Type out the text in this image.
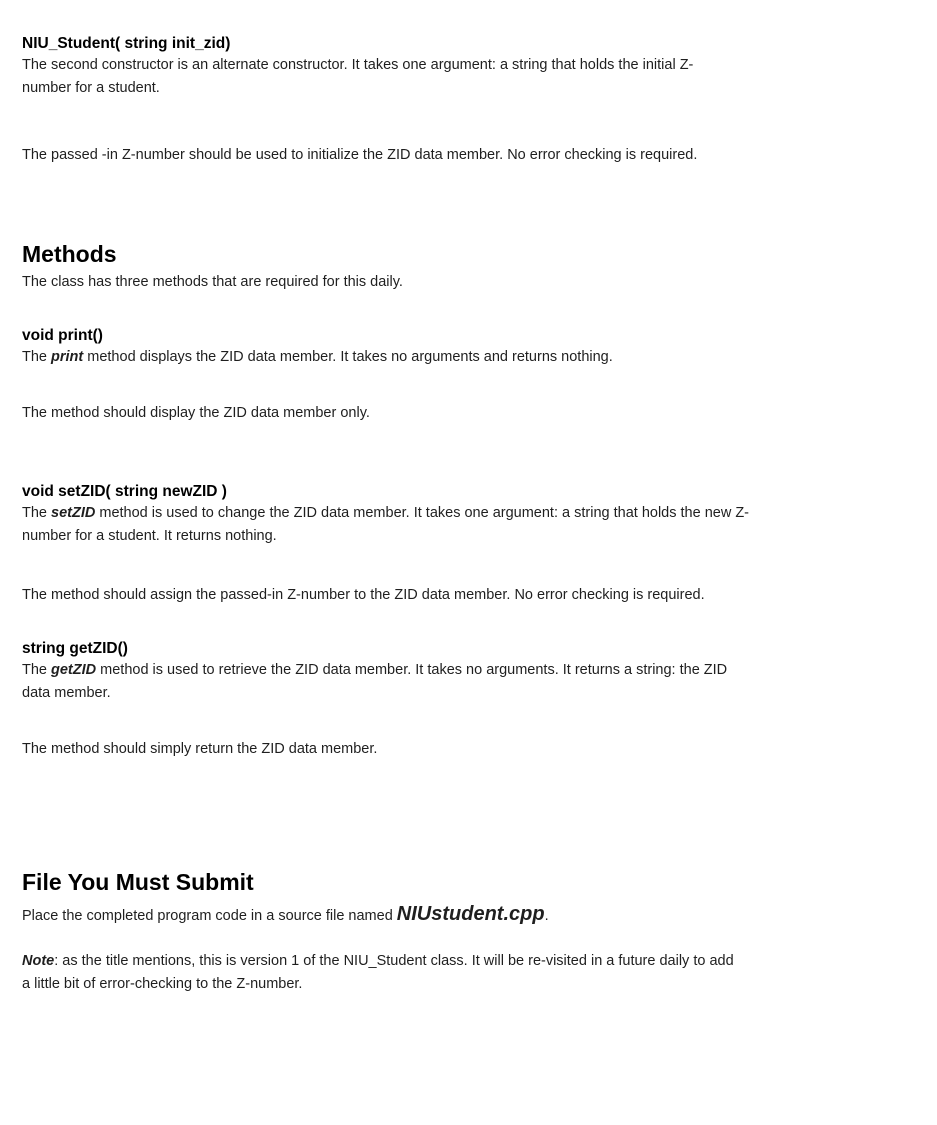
NIU_Student( string init_zid)
The second constructor is an alternate constructor. It takes one argument: a string that holds the initial Z-
number for a student.
The passed -in Z-number should be used to initialize the ZID data member. No error checking is required.
Methods
The class has three methods that are required for this daily.
void print()
The print method displays the ZID data member. It takes no arguments and returns nothing.
The method should display the ZID data member only.
void setZID( string newZID )
The setZID method is used to change the ZID data member. It takes one argument: a string that holds the new Z-
number for a student. It returns nothing.
The method should assign the passed-in Z-number to the ZID data member. No error checking is required.
string getZID()
The getZID method is used to retrieve the ZID data member. It takes no arguments. It returns a string: the ZID
data member.
The method should simply return the ZID data member.
File You Must Submit
Place the completed program code in a source file named NIUstudent.cpp.
Note: as the title mentions, this is version 1 of the NIU_Student class. It will be re-visited in a future daily to add
a little bit of error-checking to the Z-number.
